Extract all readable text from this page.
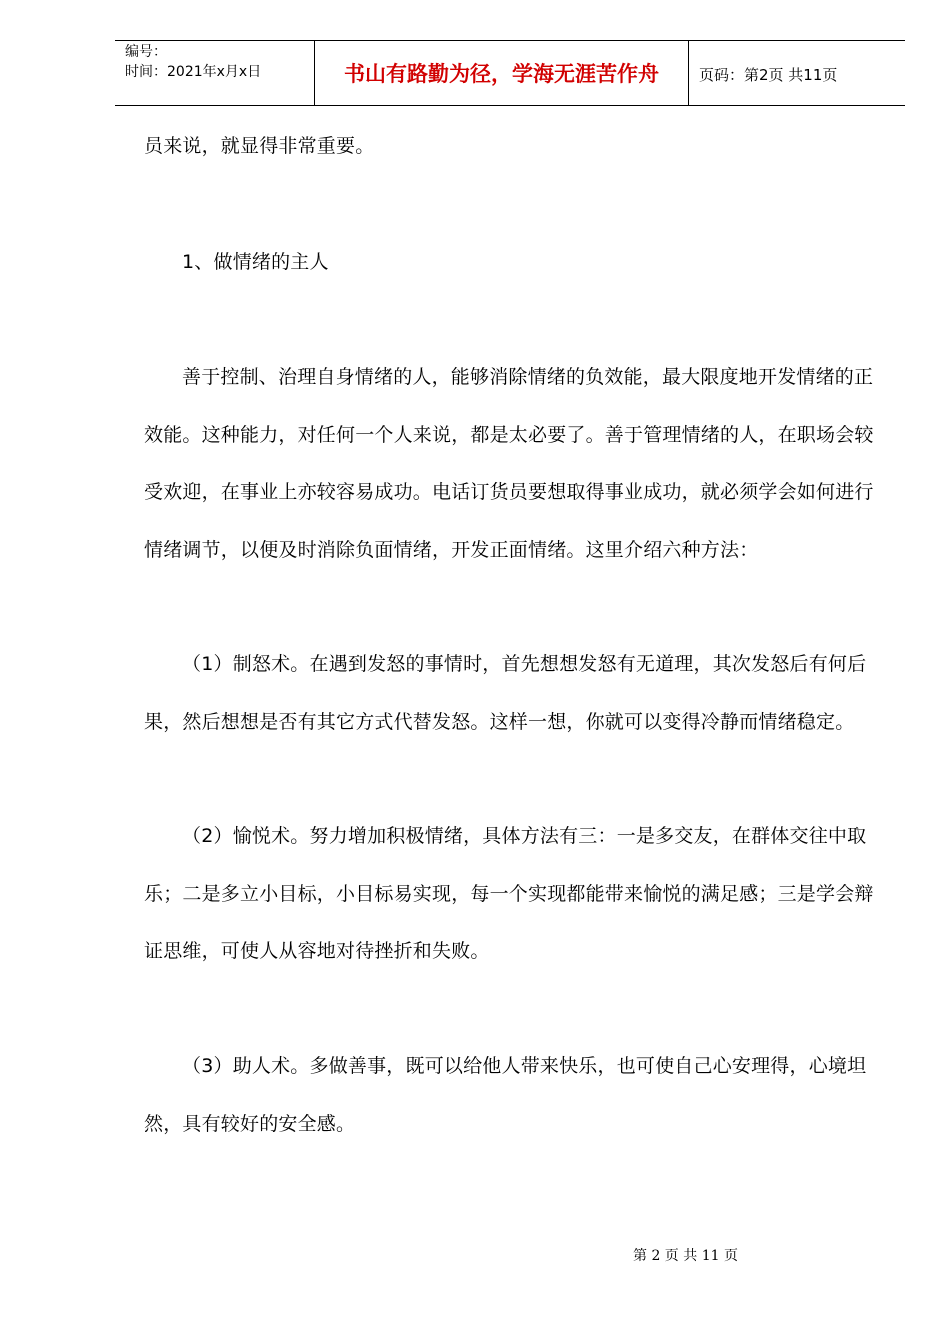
编号：
时间：2021年x月x日	书山有路勤为径，学海无涯苦作舟	页码：第2页 共11页

员来说，就显得非常重要。

1、做情绪的主人

善于控制、治理自身情绪的人，能够消除情绪的负效能，最大限度地开发情绪的正效能。这种能力，对任何一个人来说，都是太必要了。善于管理情绪的人，在职场会较受欢迎，在事业上亦较容易成功。电话订货员要想取得事业成功，就必须学会如何进行情绪调节，以便及时消除负面情绪，开发正面情绪。这里介绍六种方法：

（1）制怒术。在遇到发怒的事情时，首先想想发怒有无道理，其次发怒后有何后果，然后想想是否有其它方式代替发怒。这样一想，你就可以变得冷静而情绪稳定。

（2）愉悦术。努力增加积极情绪，具体方法有三：一是多交友，在群体交往中取乐；二是多立小目标，小目标易实现，每一个实现都能带来愉悦的满足感；三是学会辩证思维，可使人从容地对待挫折和失败。

（3）助人术。多做善事，既可以给他人带来快乐，也可使自己心安理得，心境坦然，具有较好的安全感。

第 2 页 共 11 页
